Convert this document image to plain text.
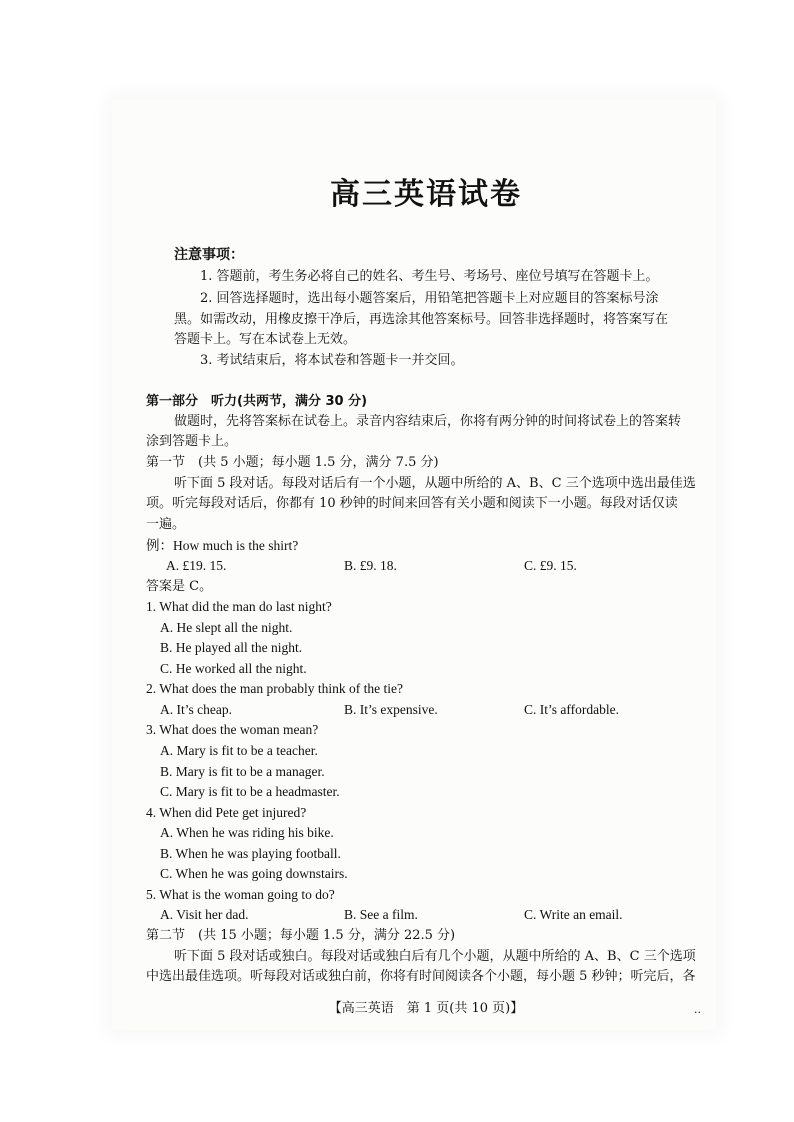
高三英语试卷
注意事项：
1. 答题前，考生务必将自己的姓名、考生号、考场号、座位号填写在答题卡上。
2. 回答选择题时，选出每小题答案后，用铅笔把答题卡上对应题目的答案标号涂
黑。如需改动，用橡皮擦干净后，再选涂其他答案标号。回答非选择题时，将答案写在
答题卡上。写在本试卷上无效。
3. 考试结束后，将本试卷和答题卡一并交回。
第一部分　听力(共两节，满分 30 分)
做题时，先将答案标在试卷上。录音内容结束后，你将有两分钟的时间将试卷上的答案转
涂到答题卡上。
第一节　(共 5 小题；每小题 1.5 分，满分 7.5 分)
听下面 5 段对话。每段对话后有一个小题，从题中所给的 A、B、C 三个选项中选出最佳选
项。听完每段对话后，你都有 10 秒钟的时间来回答有关小题和阅读下一小题。每段对话仅读
一遍。
例：How much is the shirt?
A. £19. 15.	B. £9. 18.	C. £9. 15.
答案是 C。
1. What did the man do last night?
A. He slept all the night.
B. He played all the night.
C. He worked all the night.
2. What does the man probably think of the tie?
A. It’s cheap.	B. It’s expensive.	C. It’s affordable.
3. What does the woman mean?
A. Mary is fit to be a teacher.
B. Mary is fit to be a manager.
C. Mary is fit to be a headmaster.
4. When did Pete get injured?
A. When he was riding his bike.
B. When he was playing football.
C. When he was going downstairs.
5. What is the woman going to do?
A. Visit her dad.	B. See a film.	C. Write an email.
第二节　(共 15 小题；每小题 1.5 分，满分 22.5 分)
听下面 5 段对话或独白。每段对话或独白后有几个小题，从题中所给的 A、B、C 三个选项
中选出最佳选项。听每段对话或独白前，你将有时间阅读各个小题，每小题 5 秒钟；听完后，各
【高三英语　第 1 页(共 10 页)】	..
